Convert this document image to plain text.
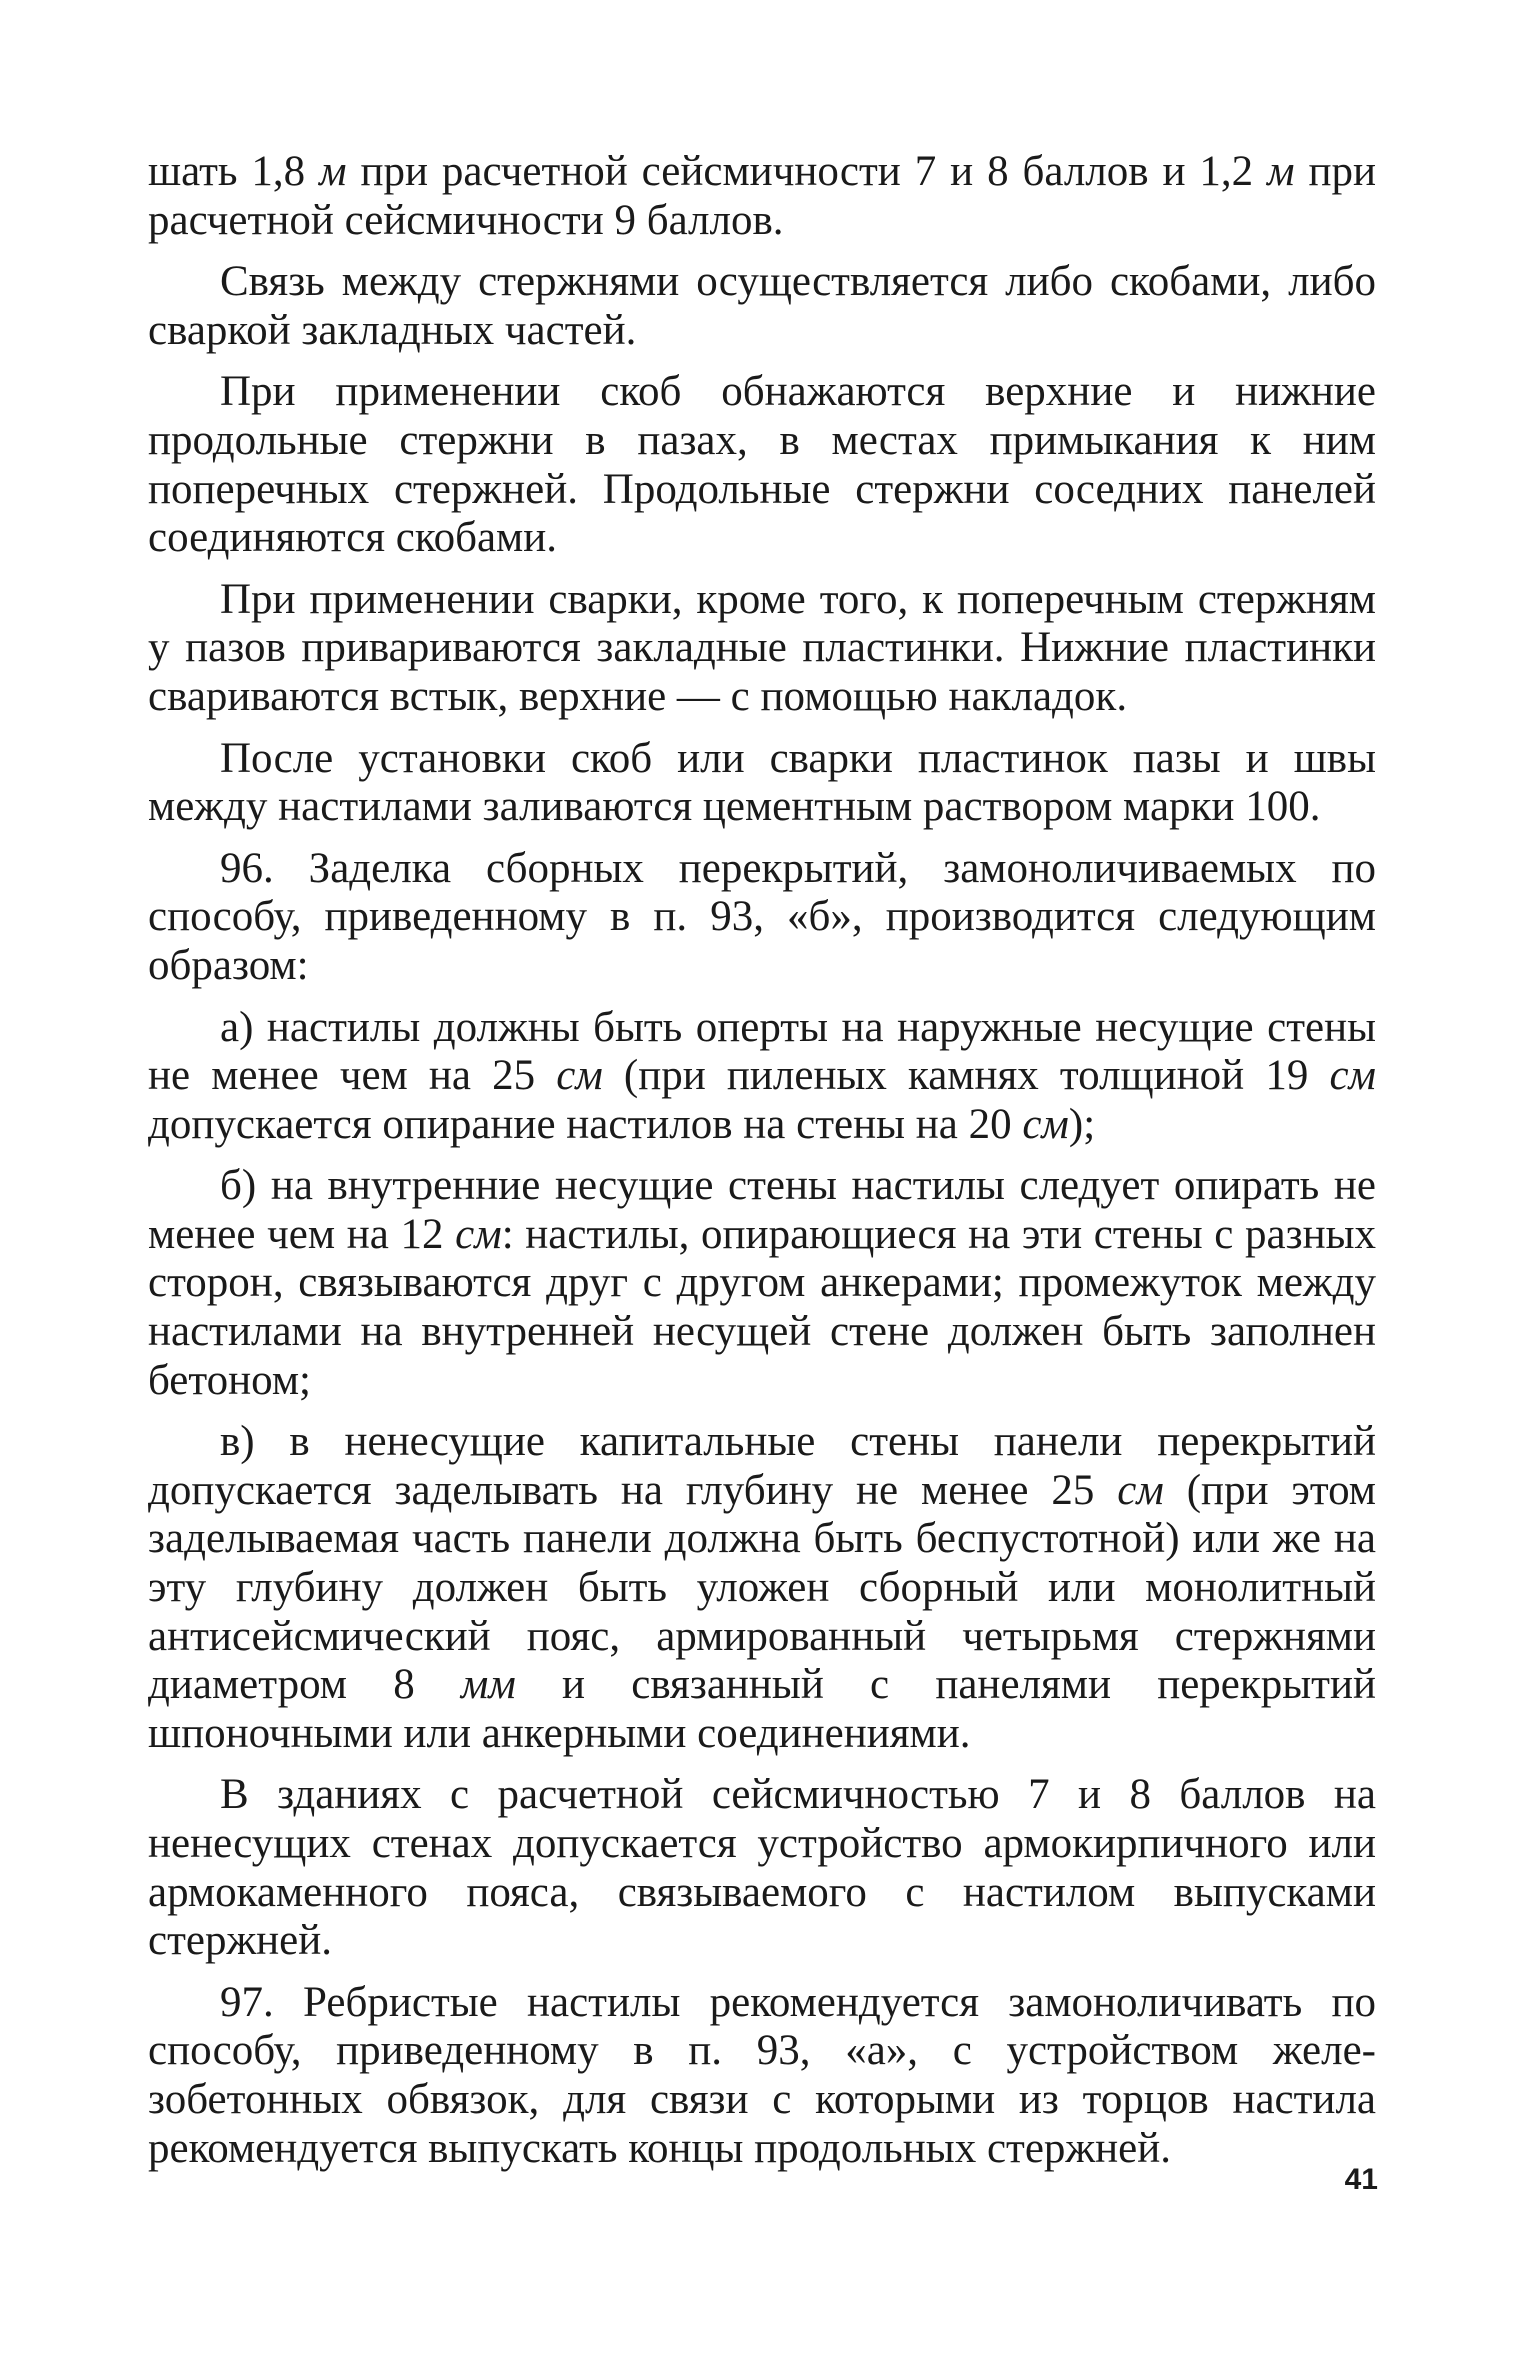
шать 1,8 м при расчетной сейсмичности 7 и 8 баллов и 1,2 м при расчетной сейсмичности 9 баллов.

Связь между стержнями осуществляется либо скобами, либо сваркой закладных частей.

При применении скоб обнажаются верхние и нижние продольные стержни в пазах, в местах примыкания к ним поперечных стержней. Продольные стержни соседних панелей соединяются скобами.

При применении сварки, кроме того, к поперечным стержням у пазов привариваются закладные пластинки. Нижние пластинки свариваются встык, верхние — с помощью накладок.

После установки скоб или сварки пластинок пазы и швы между настилами заливаются цементным раствором марки 100.

96. Заделка сборных перекрытий, замоноличиваемых по способу, приведенному в п. 93, «б», производится следующим образом:

а) настилы должны быть оперты на наружные несущие стены не менее чем на 25 см (при пиленых камнях толщиной 19 см допускается опирание настилов на стены на 20 см);

б) на внутренние несущие стены настилы следует опирать не менее чем на 12 см: настилы, опирающиеся на эти стены с разных сторон, связываются друг с другом анкерами; промежуток между настилами на внутренней несущей стене должен быть заполнен бетоном;

в) в ненесущие капитальные стены панели перекрытий допускается заделывать на глубину не менее 25 см (при этом заделываемая часть панели должна быть беспустотной) или же на эту глубину должен быть уложен сборный или монолитный антисейсмический пояс, армированный четырьмя стержнями диаметром 8 мм и связанный с панелями перекрытий шпоночными или анкерными соединениями.

В зданиях с расчетной сейсмичностью 7 и 8 баллов на ненесущих стенах допускается устройство армокирпичного или армокаменного пояса, связываемого с настилом выпусками стержней.

97. Ребристые настилы рекомендуется замоноличивать по способу, приведенному в п. 93, «а», с устройством железобетонных обвязок, для связи с которыми из торцов настила рекомендуется выпускать концы продольных стержней.

41
